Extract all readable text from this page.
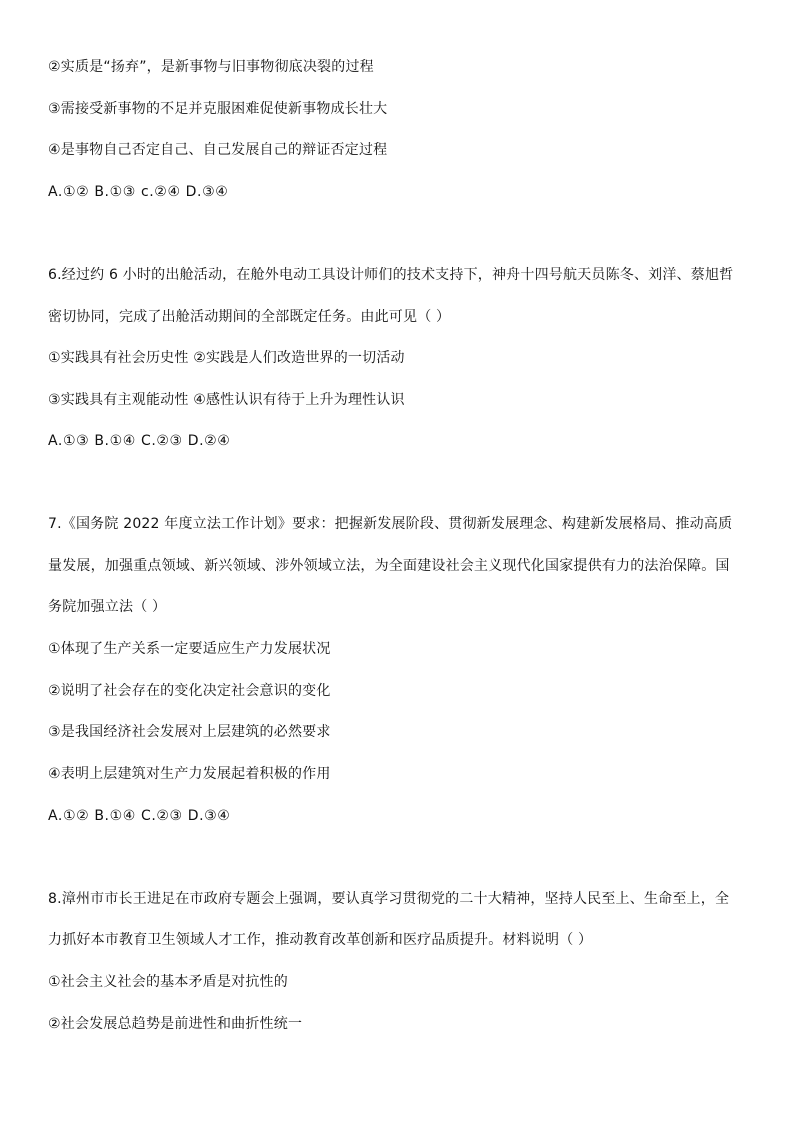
②实质是“扬弃”，是新事物与旧事物彻底决裂的过程
③需接受新事物的不足并克服困难促使新事物成长壮大
④是事物自己否定自己、自己发展自己的辩证否定过程
A.①② B.①③ c.②④ D.③④
6.经过约 6 小时的出舱活动，在舱外电动工具设计师们的技术支持下，神舟十四号航天员陈冬、刘洋、蔡旭哲
密切协同，完成了出舱活动期间的全部既定任务。由此可见（ ）
①实践具有社会历史性 ②实践是人们改造世界的一切活动
③实践具有主观能动性 ④感性认识有待于上升为理性认识
A.①③ B.①④ C.②③ D.②④
7.《国务院 2022 年度立法工作计划》要求：把握新发展阶段、贯彻新发展理念、构建新发展格局、推动高质
量发展，加强重点领域、新兴领域、涉外领域立法，为全面建设社会主义现代化国家提供有力的法治保障。国
务院加强立法（ ）
①体现了生产关系一定要适应生产力发展状况
②说明了社会存在的变化决定社会意识的变化
③是我国经济社会发展对上层建筑的必然要求
④表明上层建筑对生产力发展起着积极的作用
A.①② B.①④ C.②③ D.③④
8.漳州市市长王进足在市政府专题会上强调，要认真学习贯彻党的二十大精神，坚持人民至上、生命至上，全
力抓好本市教育卫生领域人才工作，推动教育改革创新和医疗品质提升。材料说明（ ）
①社会主义社会的基本矛盾是对抗性的
②社会发展总趋势是前进性和曲折性统一
